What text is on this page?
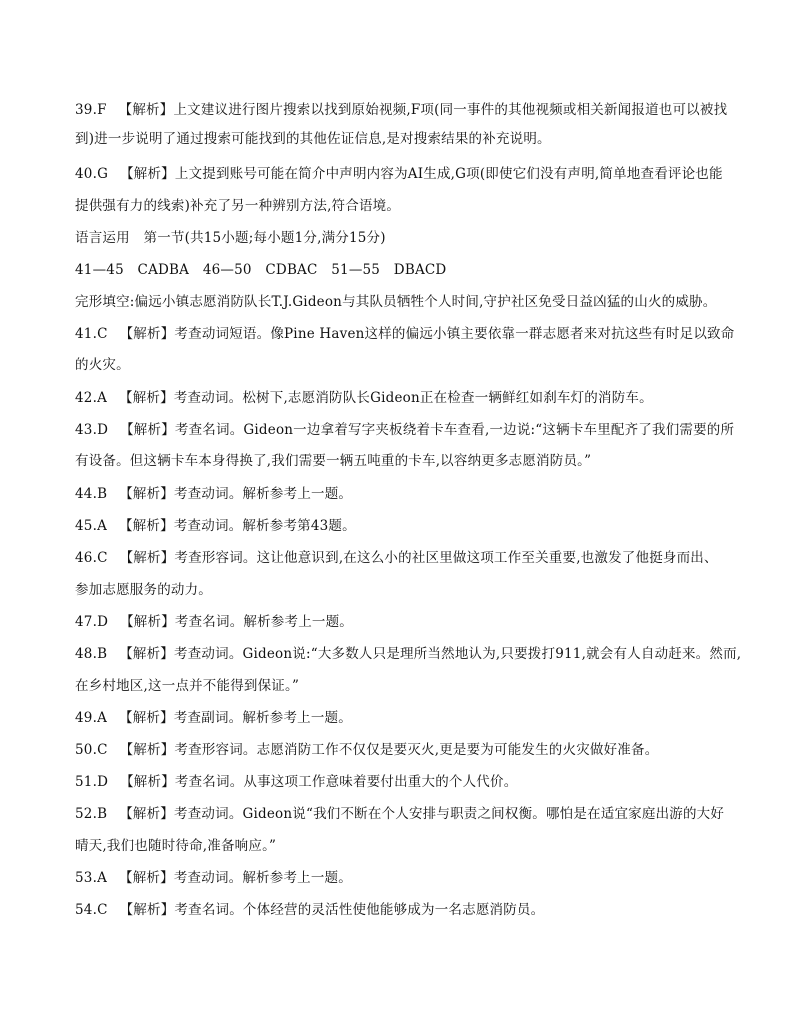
39.F 【解析】上文建议进行图片搜索以找到原始视频,F项(同一事件的其他视频或相关新闻报道也可以被找
到)进一步说明了通过搜索可能找到的其他佐证信息,是对搜索结果的补充说明。
40.G 【解析】上文提到账号可能在简介中声明内容为AI生成,G项(即使它们没有声明,简单地查看评论也能
提供强有力的线索)补充了另一种辨别方法,符合语境。
语言运用　第一节(共15小题;每小题1分,满分15分)
41—45　CADBA　46—50　CDBAC　51—55　DBACD
完形填空:偏远小镇志愿消防队长T.J.Gideon与其队员牺牲个人时间,守护社区免受日益凶猛的山火的威胁。
41.C 【解析】考查动词短语。像Pine Haven这样的偏远小镇主要依靠一群志愿者来对抗这些有时足以致命
的火灾。
42.A 【解析】考查动词。松树下,志愿消防队长Gideon正在检查一辆鲜红如刹车灯的消防车。
43.D 【解析】考查名词。Gideon一边拿着写字夹板绕着卡车查看,一边说:“这辆卡车里配齐了我们需要的所
有设备。但这辆卡车本身得换了,我们需要一辆五吨重的卡车,以容纳更多志愿消防员。”
44.B 【解析】考查动词。解析参考上一题。
45.A 【解析】考查动词。解析参考第43题。
46.C 【解析】考查形容词。这让他意识到,在这么小的社区里做这项工作至关重要,也激发了他挺身而出、
参加志愿服务的动力。
47.D 【解析】考查名词。解析参考上一题。
48.B 【解析】考查动词。Gideon说:“大多数人只是理所当然地认为,只要拨打911,就会有人自动赶来。然而,
在乡村地区,这一点并不能得到保证。”
49.A 【解析】考查副词。解析参考上一题。
50.C 【解析】考查形容词。志愿消防工作不仅仅是要灭火,更是要为可能发生的火灾做好准备。
51.D 【解析】考查名词。从事这项工作意味着要付出重大的个人代价。
52.B 【解析】考查动词。Gideon说“我们不断在个人安排与职责之间权衡。哪怕是在适宜家庭出游的大好
晴天,我们也随时待命,准备响应。”
53.A 【解析】考查动词。解析参考上一题。
54.C 【解析】考查名词。个体经营的灵活性使他能够成为一名志愿消防员。
